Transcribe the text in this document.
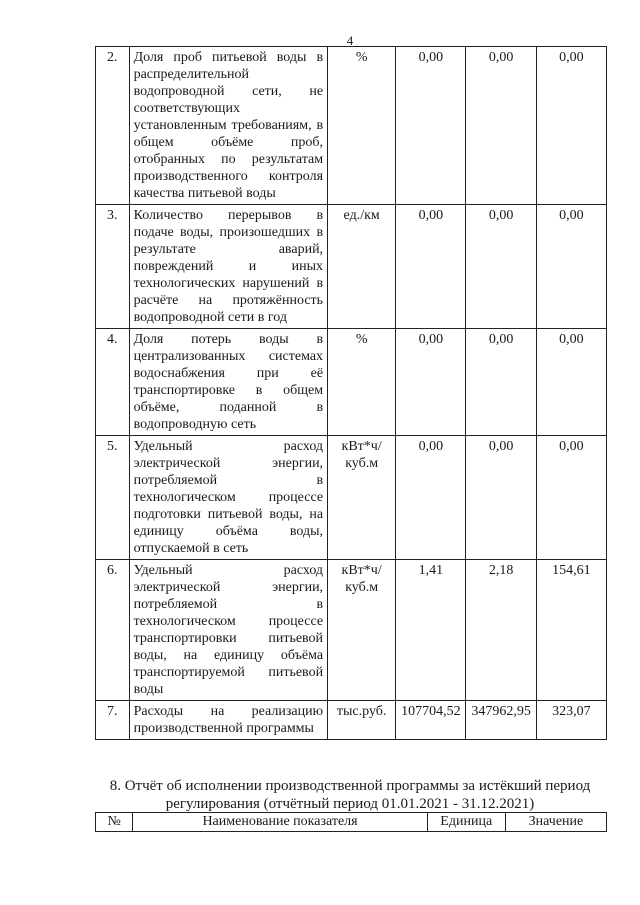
4
2.	Доля проб питьевой воды в распределительной водопроводной сети, не соответствующих установленным требованиям, в общем объёме проб, отобранных по результатам производственного контроля качества питьевой воды	%	0,00	0,00	0,00
3.	Количество перерывов в подаче воды, произошедших в результате аварий, повреждений и иных технологических нарушений в расчёте на протяжённость водопроводной сети в год	ед./км	0,00	0,00	0,00
4.	Доля потерь воды в централизованных системах водоснабжения при её транспортировке в общем объёме, поданной в водопроводную сеть	%	0,00	0,00	0,00
5.	Удельный расход электрической энергии, потребляемой в технологическом процессе подготовки питьевой воды, на единицу объёма воды, отпускаемой в сеть	кВт*ч/ куб.м	0,00	0,00	0,00
6.	Удельный расход электрической энергии, потребляемой в технологическом процессе транспортировки питьевой воды, на единицу объёма транспортируемой питьевой воды	кВт*ч/ куб.м	1,41	2,18	154,61
7.	Расходы на реализацию производственной программы	тыс.руб.	107704,52	347962,95	323,07
8. Отчёт об исполнении производственной программы за истёкший период регулирования (отчётный период 01.01.2021 - 31.12.2021)
№	Наименование показателя	Единица	Значение
